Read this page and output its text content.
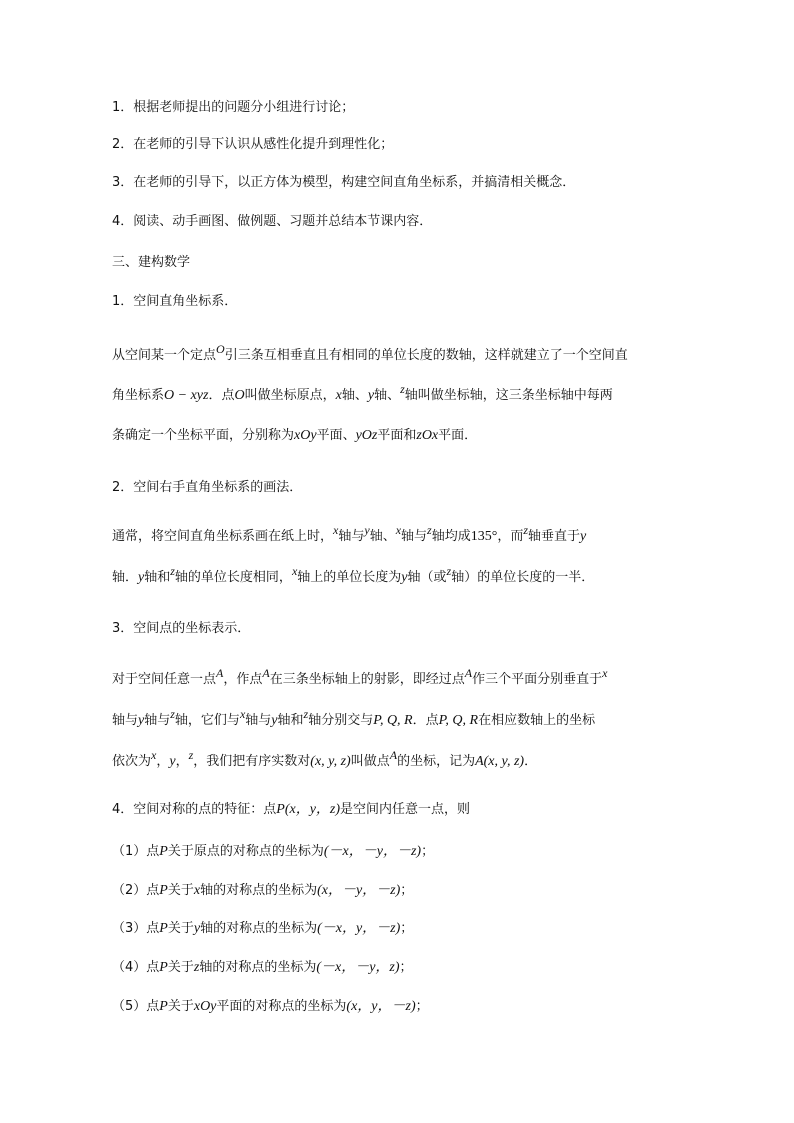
1．根据老师提出的问题分小组进行讨论；
2．在老师的引导下认识从感性化提升到理性化；
3．在老师的引导下，以正方体为模型，构建空间直角坐标系，并搞清相关概念．
4．阅读、动手画图、做例题、习题并总结本节课内容．
三、建构数学
1．空间直角坐标系．
从空间某一个定点O引三条互相垂直且有相同的单位长度的数轴，这样就建立了一个空间直
角坐标系O − xyz．点O叫做坐标原点，x轴、y轴、z轴叫做坐标轴，这三条坐标轴中每两
条确定一个坐标平面，分别称为xOy平面、yOz平面和zOx平面．
2．空间右手直角坐标系的画法．
通常，将空间直角坐标系画在纸上时，x轴与y轴、x轴与z轴均成135°，而z轴垂直于y
轴．y轴和z轴的单位长度相同，x轴上的单位长度为y轴（或z轴）的单位长度的一半．
3．空间点的坐标表示．
对于空间任意一点A，作点A在三条坐标轴上的射影，即经过点A作三个平面分别垂直于x
轴与y轴与z轴，它们与x轴与y轴和z轴分别交与P, Q, R．点P, Q, R在相应数轴上的坐标
依次为x，y，z，我们把有序实数对(x, y, z)叫做点A的坐标，记为A(x, y, z)．
4．空间对称的点的特征：点P(x，y，z)是空间内任意一点，则
（1）点P关于原点的对称点的坐标为(－x，－y，－z)；
（2）点P关于x轴的对称点的坐标为(x，－y，－z)；
（3）点P关于y轴的对称点的坐标为(－x，y，－z)；
（4）点P关于z轴的对称点的坐标为(－x，－y，z)；
（5）点P关于xOy平面的对称点的坐标为(x，y，－z)；
